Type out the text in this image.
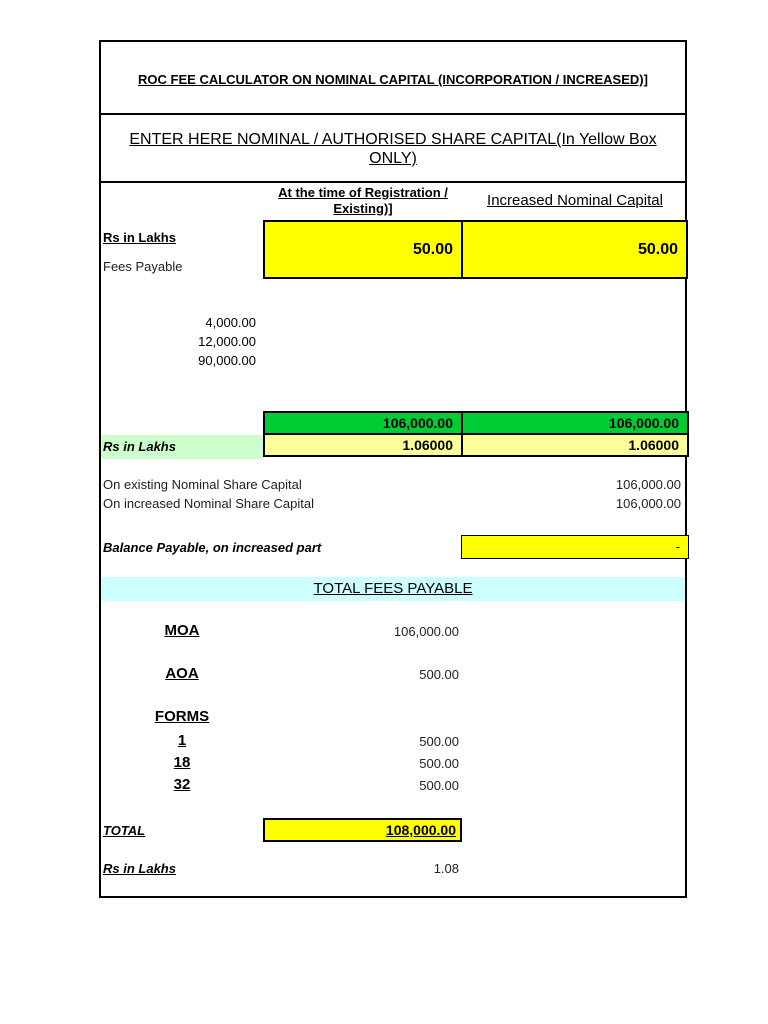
ROC FEE CALCULATOR ON NOMINAL CAPITAL (INCORPORATION / INCREASED)]
ENTER HERE NOMINAL / AUTHORISED SHARE CAPITAL(In Yellow Box ONLY)
At the time of Registration / Existing)]	Increased Nominal Capital
Rs in Lakhs
Fees Payable
50.00	50.00
4,000.00
12,000.00
90,000.00
106,000.00	106,000.00
Rs in Lakhs	1.06000	1.06000
On existing Nominal Share Capital	106,000.00
On increased Nominal Share Capital	106,000.00
Balance Payable, on increased part	-
TOTAL FEES PAYABLE
MOA	106,000.00
AOA	500.00
FORMS
1	500.00
18	500.00
32	500.00
TOTAL	108,000.00
Rs in Lakhs	1.08
